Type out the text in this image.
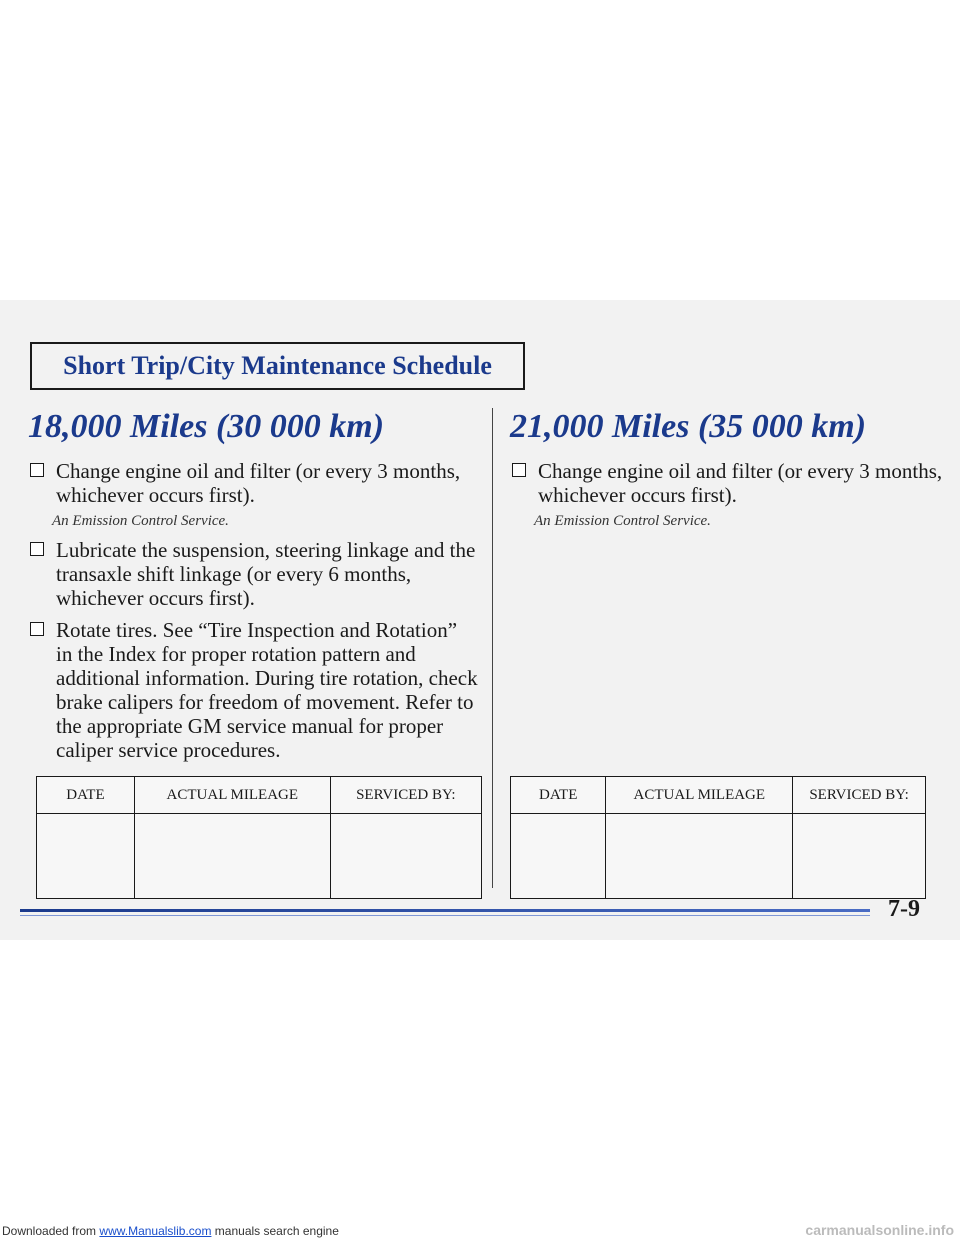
Short Trip/City Maintenance Schedule
18,000 Miles (30 000 km)
Change engine oil and filter (or every 3 months, whichever occurs first).
An Emission Control Service.
Lubricate the suspension, steering linkage and the transaxle shift linkage (or every 6 months, whichever occurs first).
Rotate tires. See “Tire Inspection and Rotation” in the Index for proper rotation pattern and additional information. During tire rotation, check brake calipers for freedom of movement. Refer to the appropriate GM service manual for proper caliper service procedures.
21,000 Miles (35 000 km)
Change engine oil and filter (or every 3 months, whichever occurs first).
An Emission Control Service.
DATE	ACTUAL MILEAGE	SERVICED BY:
			DATE	ACTUAL MILEAGE	SERVICED BY:

7-9
Downloaded from www.Manualslib.com manuals search engine	carmanualsonline.info
